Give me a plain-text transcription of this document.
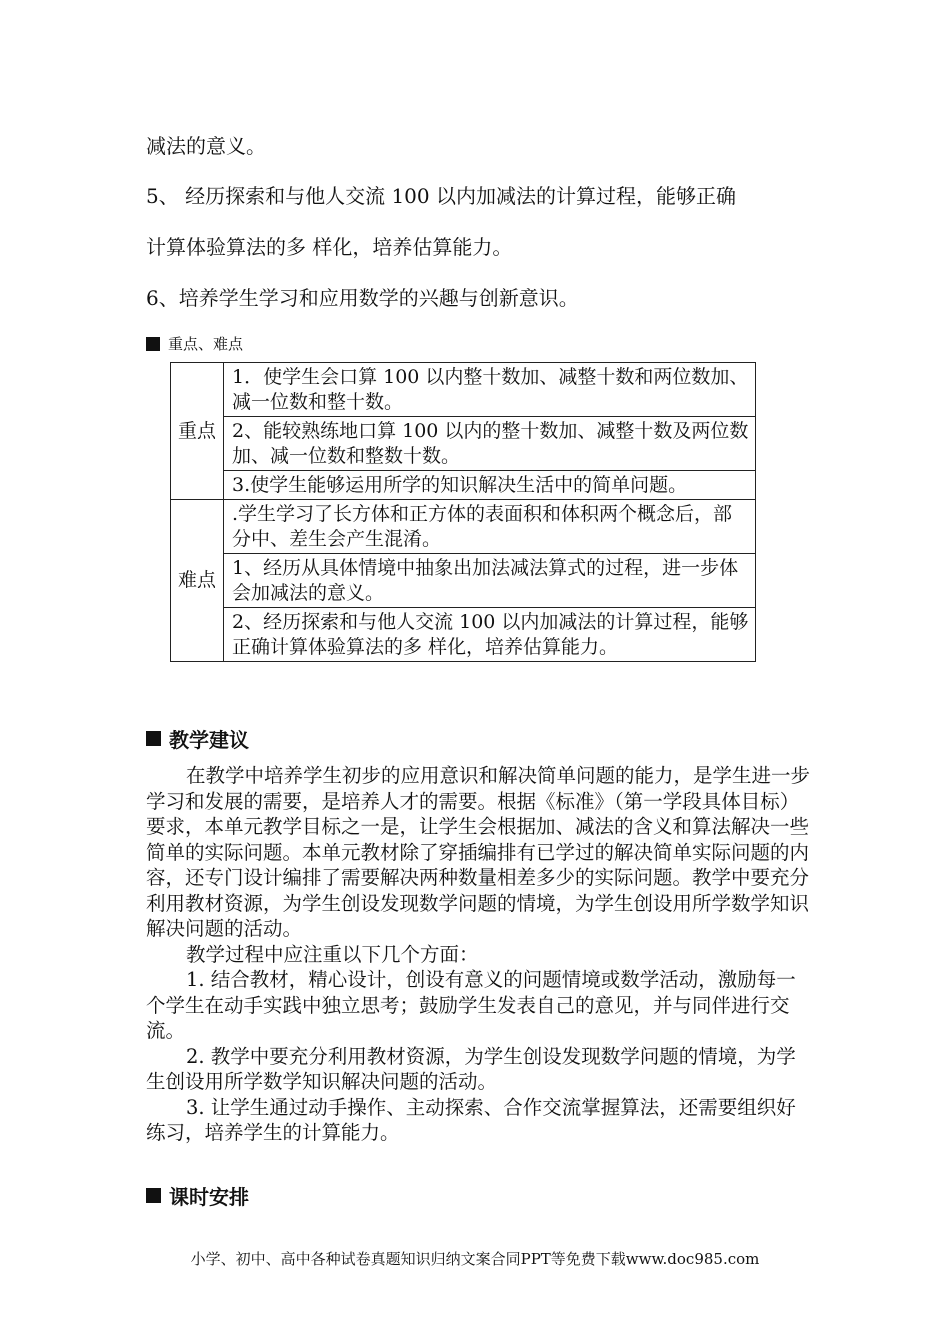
减法的意义。
5、 经历探索和与他人交流 100 以内加减法的计算过程，能够正确
计算体验算法的多 样化，培养估算能力。
6、培养学生学习和应用数学的兴趣与创新意识。
重点、难点
重点	1．使学生会口算 100 以内整十数加、减整十数和两位数加、减一位数和整十数。
	2、能较熟练地口算 100 以内的整十数加、减整十数及两位数加、减一位数和整数十数。
	3.使学生能够运用所学的知识解决生活中的简单问题。
难点	.学生学习了长方体和正方体的表面积和体积两个概念后，部分中、差生会产生混淆。
	1、经历从具体情境中抽象出加法减法算式的过程，进一步体会加减法的意义。
	2、经历探索和与他人交流 100 以内加减法的计算过程，能够正确计算体验算法的多 样化，培养估算能力。
教学建议

在教学中培养学生初步的应用意识和解决简单问题的能力，是学生进一步学习和发展的需要，是培养人才的需要。根据《标准》（第一学段具体目标）要求，本单元教学目标之一是，让学生会根据加、减法的含义和算法解决一些简单的实际问题。本单元教材除了穿插编排有已学过的解决简单实际问题的内容，还专门设计编排了需要解决两种数量相差多少的实际问题。教学中要充分利用教材资源，为学生创设发现数学问题的情境，为学生创设用所学数学知识解决问题的活动。

教学过程中应注重以下几个方面：

1. 结合教材，精心设计，创设有意义的问题情境或数学活动，激励每一个学生在动手实践中独立思考；鼓励学生发表自己的意见，并与同伴进行交流。

2. 教学中要充分利用教材资源，为学生创设发现数学问题的情境，为学生创设用所学数学知识解决问题的活动。

3. 让学生通过动手操作、主动探索、合作交流掌握算法，还需要组织好练习，培养学生的计算能力。

课时安排
小学、初中、高中各种试卷真题知识归纳文案合同PPT等免费下载www.doc985.com
